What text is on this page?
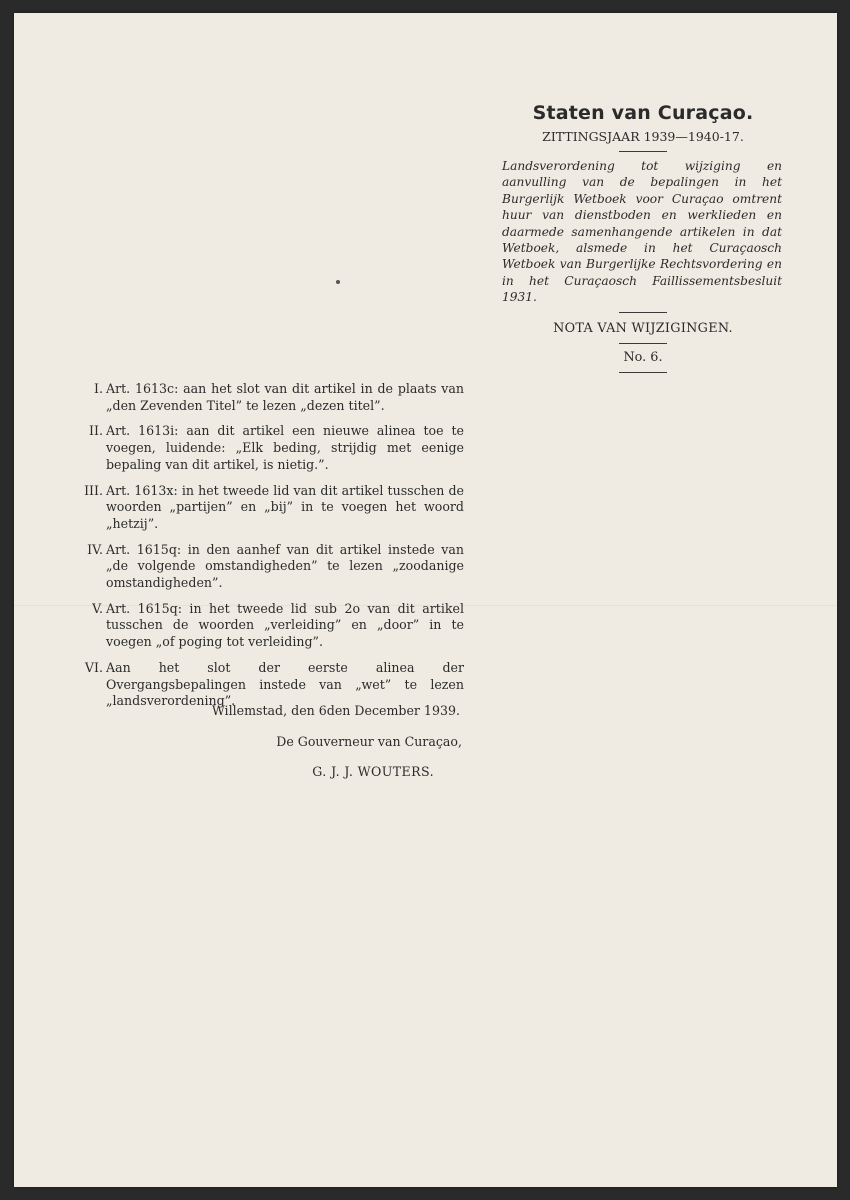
Staten van Curaçao.
ZITTINGSJAAR 1939—1940-17.
Landsverordening tot wijziging en aanvulling van de bepalingen in het Burgerlijk Wetboek voor Curaçao omtrent huur van dienstboden en werklieden en daarmede samenhangende artikelen in dat Wetboek, alsmede in het Curaçaosch Wetboek van Burgerlijke Rechtsvordering en in het Curaçaosch Faillissementsbesluit 1931.
NOTA VAN WIJZIGINGEN.
No. 6.
I. Art. 1613c: aan het slot van dit artikel in de plaats van „den Zevenden Titel” te lezen „dezen titel”.
II. Art. 1613i: aan dit artikel een nieuwe alinea toe te voegen, luidende: „Elk beding, strijdig met eenige bepaling van dit artikel, is nietig.”.
III. Art. 1613x: in het tweede lid van dit artikel tusschen de woorden „partijen” en „bij” in te voegen het woord „hetzij”.
IV. Art. 1615q: in den aanhef van dit artikel instede van „de volgende omstandigheden” te lezen „zoodanige omstandigheden”.
V. Art. 1615q: in het tweede lid sub 2o van dit artikel tusschen de woorden „verleiding” en „door” in te voegen „of poging tot verleiding”.
VI. Aan het slot der eerste alinea der Overgangsbepalingen instede van „wet” te lezen „landsverordening”.
Willemstad, den 6den December 1939.
De Gouverneur van Curaçao,
G. J. J. WOUTERS.
